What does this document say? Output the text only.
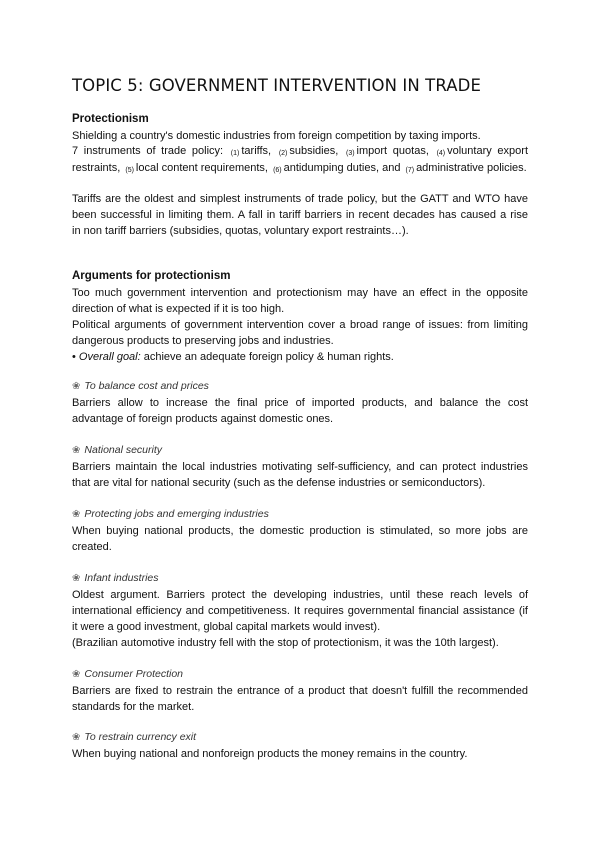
TOPIC 5: GOVERNMENT INTERVENTION IN TRADE
Protectionism
Shielding a country's domestic industries from foreign competition by taxing imports.
7 instruments of trade policy: (1) tariffs, (2) subsidies, (3) import quotas, (4) voluntary export
restraints, (5) local content requirements, (6) antidumping duties, and (7) administrative policies.
Tariffs are the oldest and simplest instruments of trade policy, but the GATT and WTO have
been successful in limiting them. A fall in tariff barriers in recent decades has caused a rise
in non tariff barriers (subsidies, quotas, voluntary export restraints…).
Arguments for protectionism
Too much government intervention and protectionism may have an effect in the opposite
direction of what is expected if it is too high.
Political arguments of government intervention cover a broad range of issues: from limiting
dangerous products to preserving jobs and industries.
• Overall goal: achieve an adequate foreign policy & human rights.
❀ To balance cost and prices
Barriers allow to increase the final price of imported products, and balance the cost
advantage of foreign products against domestic ones.
❀ National security
Barriers maintain the local industries motivating self-sufficiency, and can protect industries
that are vital for national security (such as the defense industries or semiconductors).
❀ Protecting jobs and emerging industries
When buying national products, the domestic production is stimulated, so more jobs are
created.
❀ Infant industries
Oldest argument. Barriers protect the developing industries, until these reach levels of
international efficiency and competitiveness. It requires governmental financial assistance (if
it were a good investment, global capital markets would invest).
(Brazilian automotive industry fell with the stop of protectionism, it was the 10th largest).
❀ Consumer Protection
Barriers are fixed to restrain the entrance of a product that doesn't fulfill the recommended
standards for the market.
❀ To restrain currency exit
When buying national and nonforeign products the money remains in the country.
